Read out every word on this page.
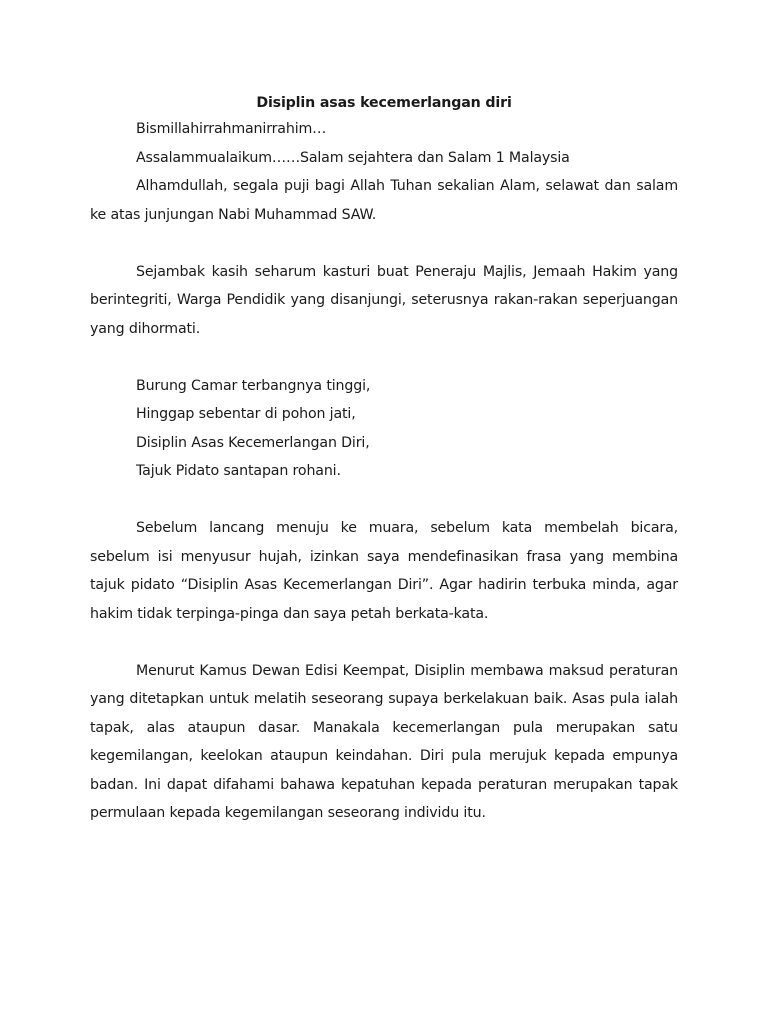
Disiplin asas kecemerlangan diri

Bismillahirrahmanirrahim…

Assalammualaikum……Salam sejahtera dan Salam 1 Malaysia

Alhamdullah, segala puji bagi Allah Tuhan sekalian Alam, selawat dan salam ke atas junjungan Nabi Muhammad SAW.

Sejambak kasih seharum kasturi buat Peneraju Majlis, Jemaah Hakim yang berintegriti, Warga Pendidik yang disanjungi, seterusnya rakan-rakan seperjuangan yang dihormati.

Burung Camar terbangnya tinggi,

Hinggap sebentar di pohon jati,

Disiplin Asas Kecemerlangan Diri,

Tajuk Pidato santapan rohani.

Sebelum lancang menuju ke muara, sebelum kata membelah bicara, sebelum isi menyusur hujah, izinkan saya mendefinasikan frasa yang membina tajuk pidato “Disiplin Asas Kecemerlangan Diri”. Agar hadirin terbuka minda, agar hakim tidak terpinga-pinga dan saya petah berkata-kata.

Menurut Kamus Dewan Edisi Keempat, Disiplin membawa maksud peraturan yang ditetapkan untuk melatih seseorang supaya berkelakuan baik. Asas pula ialah tapak, alas ataupun dasar. Manakala kecemerlangan pula merupakan satu kegemilangan, keelokan ataupun keindahan. Diri pula merujuk kepada empunya badan. Ini dapat difahami bahawa kepatuhan kepada peraturan merupakan tapak permulaan kepada kegemilangan seseorang individu itu.
